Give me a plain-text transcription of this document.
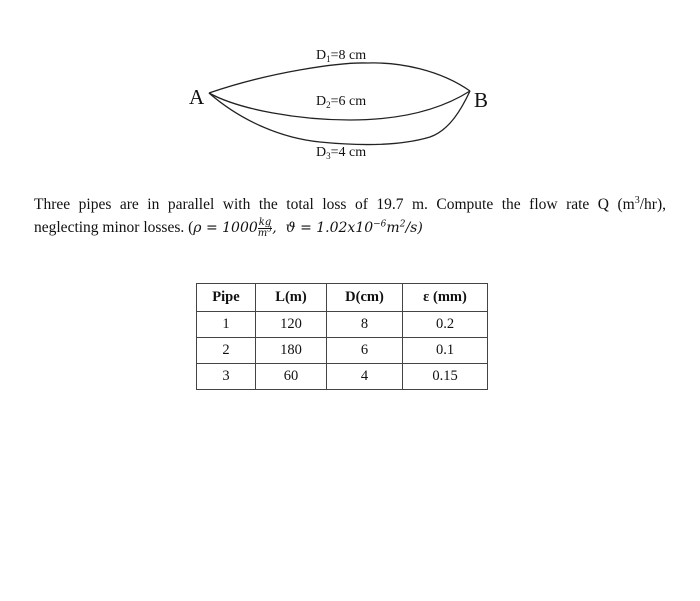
A	B
$D_1=8$ cm
$D_2=6$ cm
$D_3=4$ cm
Three pipes are in parallel with the total loss of 19.7 m. Compute the flow rate Q $(m^3/hr)$,
neglecting minor losses. ($\rho = 1000 \frac{kg}{m^3}$ , $ϑ = 1.02x10^{-6}m^2/s$)
Pipe	L(m)	D(cm)	ε (mm)
1	120	8	0.2
2	180	6	0.1
3	60	4	0.15
